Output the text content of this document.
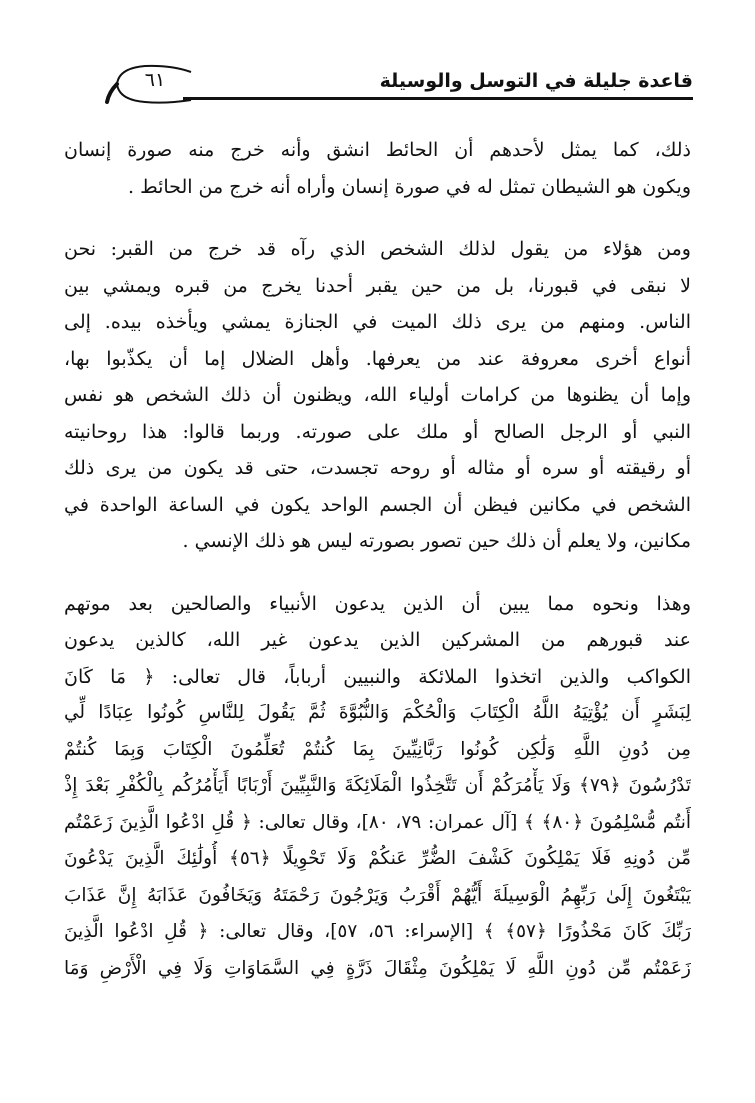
قاعدة جليلة في التوسل والوسيلة
٦١

ذلك، كما يمثل لأحدهم أن الحائط انشق وأنه خرج منه صورة إنسان
ويكون هو الشيطان تمثل له في صورة إنسان وأراه أنه خرج من الحائط .

ومن هؤلاء من يقول لذلك الشخص الذي رآه قد خرج من القبر: نحن
لا نبقى في قبورنا، بل من حين يقبر أحدنا يخرج من قبره ويمشي بين
الناس. ومنهم من يرى ذلك الميت في الجنازة يمشي ويأخذه بيده. إلى
أنواع أخرى معروفة عند من يعرفها. وأهل الضلال إما أن يكذّبوا بها،
وإما أن يظنوها من كرامات أولياء الله، ويظنون أن ذلك الشخص هو نفس
النبي أو الرجل الصالح أو ملك على صورته. وربما قالوا: هذا روحانيته
أو رقيقته أو سره أو مثاله أو روحه تجسدت، حتى قد يكون من يرى ذلك
الشخص في مكانين فيظن أن الجسم الواحد يكون في الساعة الواحدة في
مكانين، ولا يعلم أن ذلك حين تصور بصورته ليس هو ذلك الإنسي .

وهذا ونحوه مما يبين أن الذين يدعون الأنبياء والصالحين بعد موتهم
عند قبورهم من المشركين الذين يدعون غير الله، كالذين يدعون
الكواكب والذين اتخذوا الملائكة والنبيين أرباباً، قال تعالى: ﴿ مَا كَانَ
لِبَشَرٍ أَن يُؤْتِيَهُ اللَّهُ الْكِتَابَ وَالْحُكْمَ وَالنُّبُوَّةَ ثُمَّ يَقُولَ لِلنَّاسِ كُونُوا عِبَادًا لِّي
مِن دُونِ اللَّهِ وَلَٰكِن كُونُوا رَبَّانِيِّينَ بِمَا كُنتُمْ تُعَلِّمُونَ الْكِتَابَ وَبِمَا كُنتُمْ
تَدْرُسُونَ ﴿٧٩﴾ وَلَا يَأْمُرَكُمْ أَن تَتَّخِذُوا الْمَلَائِكَةَ وَالنَّبِيِّينَ أَرْبَابًا أَيَأْمُرُكُم بِالْكُفْرِ بَعْدَ إِذْ
أَنتُم مُّسْلِمُونَ ﴿٨٠﴾ ﴾ [آل عمران: ٧٩، ٨٠]، وقال تعالى: ﴿ قُلِ ادْعُوا الَّذِينَ زَعَمْتُم
مِّن دُونِهِ فَلَا يَمْلِكُونَ كَشْفَ الضُّرِّ عَنكُمْ وَلَا تَحْوِيلًا ﴿٥٦﴾ أُولَٰئِكَ الَّذِينَ يَدْعُونَ
يَبْتَغُونَ إِلَىٰ رَبِّهِمُ الْوَسِيلَةَ أَيُّهُمْ أَقْرَبُ وَيَرْجُونَ رَحْمَتَهُ وَيَخَافُونَ عَذَابَهُ إِنَّ عَذَابَ
رَبِّكَ كَانَ مَحْذُورًا ﴿٥٧﴾ ﴾ [الإسراء: ٥٦، ٥٧]، وقال تعالى: ﴿ قُلِ ادْعُوا الَّذِينَ
زَعَمْتُم مِّن دُونِ اللَّهِ لَا يَمْلِكُونَ مِثْقَالَ ذَرَّةٍ فِي السَّمَاوَاتِ وَلَا فِي الْأَرْضِ وَمَا
